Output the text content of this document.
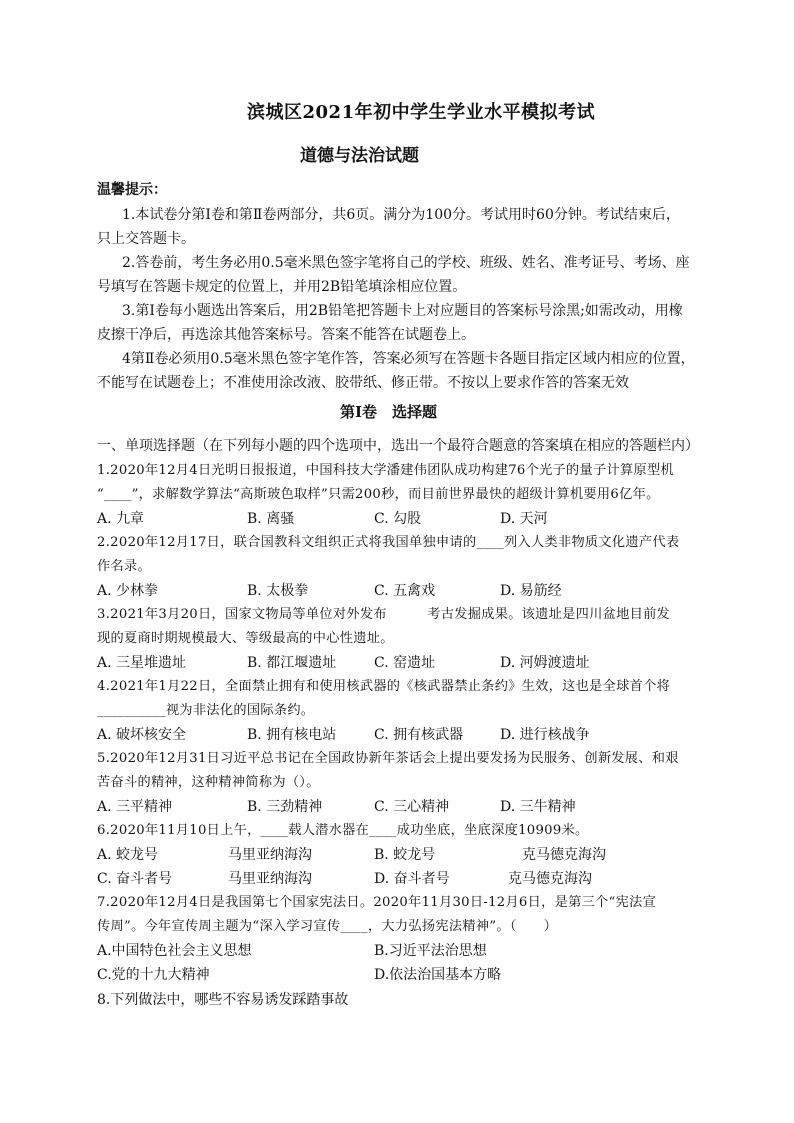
滨城区2021年初中学生学业水平模拟考试
道德与法治试题
温馨提示：
1.本试卷分第Ⅰ卷和第Ⅱ卷两部分，共6页。满分为100分。考试用时60分钟。考试结束后，
只上交答题卡。
2.答卷前，考生务必用0.5毫米黑色签字笔将自己的学校、班级、姓名、准考证号、考场、座
号填写在答题卡规定的位置上，并用2B铅笔填涂相应位置。
3.第Ⅰ卷每小题选出答案后，用2B铅笔把答题卡上对应题目的答案标号涂黑;如需改动，用橡
皮擦干净后，再选涂其他答案标号。答案不能答在试题卷上。
4第Ⅱ卷必须用0.5毫米黑色签字笔作答，答案必须写在答题卡各题目指定区域内相应的位置，
不能写在试题卷上；不准使用涂改液、胶带纸、修正带。不按以上要求作答的答案无效
第Ⅰ卷　选择题
一、单项选择题（在下列每小题的四个选项中，选出一个最符合题意的答案填在相应的答题栏内）
1.2020年12月4日光明日报报道，中国科技大学潘建伟团队成功构建76个光子的量子计算原型机
“____”，求解数学算法“高斯玻色取样”只需200秒，而目前世界最快的超级计算机要用6亿年。
A. 九章	B. 离骚	C. 勾股	D. 天河
2.2020年12月17日，联合国教科文组织正式将我国单独申请的____列入人类非物质文化遗产代表
作名录。
A. 少林拳	B. 太极拳	C. 五禽戏	D. 易筋经
3.2021年3月20日，国家文物局等单位对外发布　　　考古发掘成果。该遗址是四川盆地目前发
现的夏商时期规模最大、等级最高的中心性遗址。
A. 三星堆遗址	B. 都江堰遗址	C. 窑遗址	D. 河姆渡遗址
4.2021年1月22日，全面禁止拥有和使用核武器的《核武器禁止条约》生效，这也是全球首个将
__________视为非法化的国际条约。
A. 破坏核安全	B. 拥有核电站	C. 拥有核武器	D. 进行核战争
5.2020年12月31日习近平总书记在全国政协新年茶话会上提出要发扬为民服务、创新发展、和艰
苦奋斗的精神，这种精神简称为（）。
A. 三平精神	B. 三劲精神	C. 三心精神	D. 三牛精神
6.2020年11月10日上午，____载人潜水器在____成功坐底，坐底深度10909米。
A. 蛟龙号	马里亚纳海沟	B. 蛟龙号	克马德克海沟
C. 奋斗者号	马里亚纳海沟	D. 奋斗者号	克马德克海沟
7.2020年12月4日是我国第七个国家宪法日。2020年11月30日-12月6日，是第三个“宪法宣
传周”。今年宣传周主题为“深入学习宣传____，大力弘扬宪法精神”。（　　）
A.中国特色社会主义思想	B.习近平法治思想
C.党的十九大精神	D.依法治国基本方略
8.下列做法中，哪些不容易诱发踩踏事故
